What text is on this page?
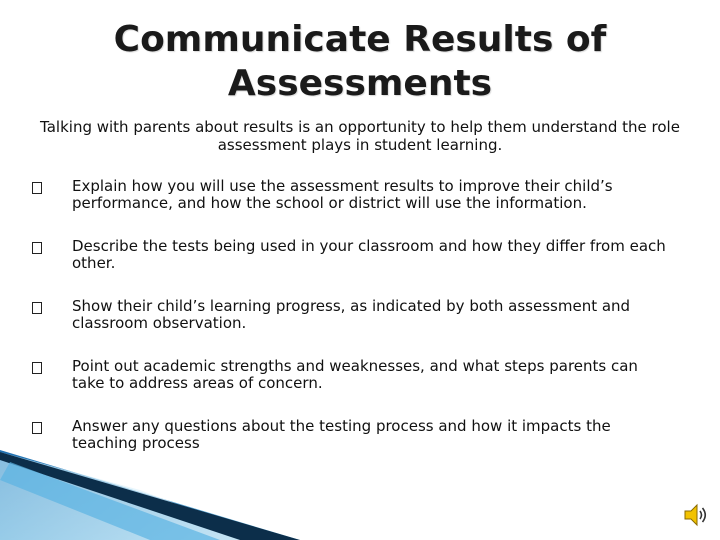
Communicate Results of Assessments
Talking with parents about results is an opportunity to help them understand the role assessment plays in student learning.
Explain how you will use the assessment results to improve their child’s performance, and how the school or district will use the information.
Describe the tests being used in your classroom and how they differ from each other.
Show their child’s learning progress, as indicated by both assessment and classroom observation.
Point out academic strengths and weaknesses, and what steps parents can take to address areas of concern.
Answer any questions about the testing process and how it impacts the teaching process
